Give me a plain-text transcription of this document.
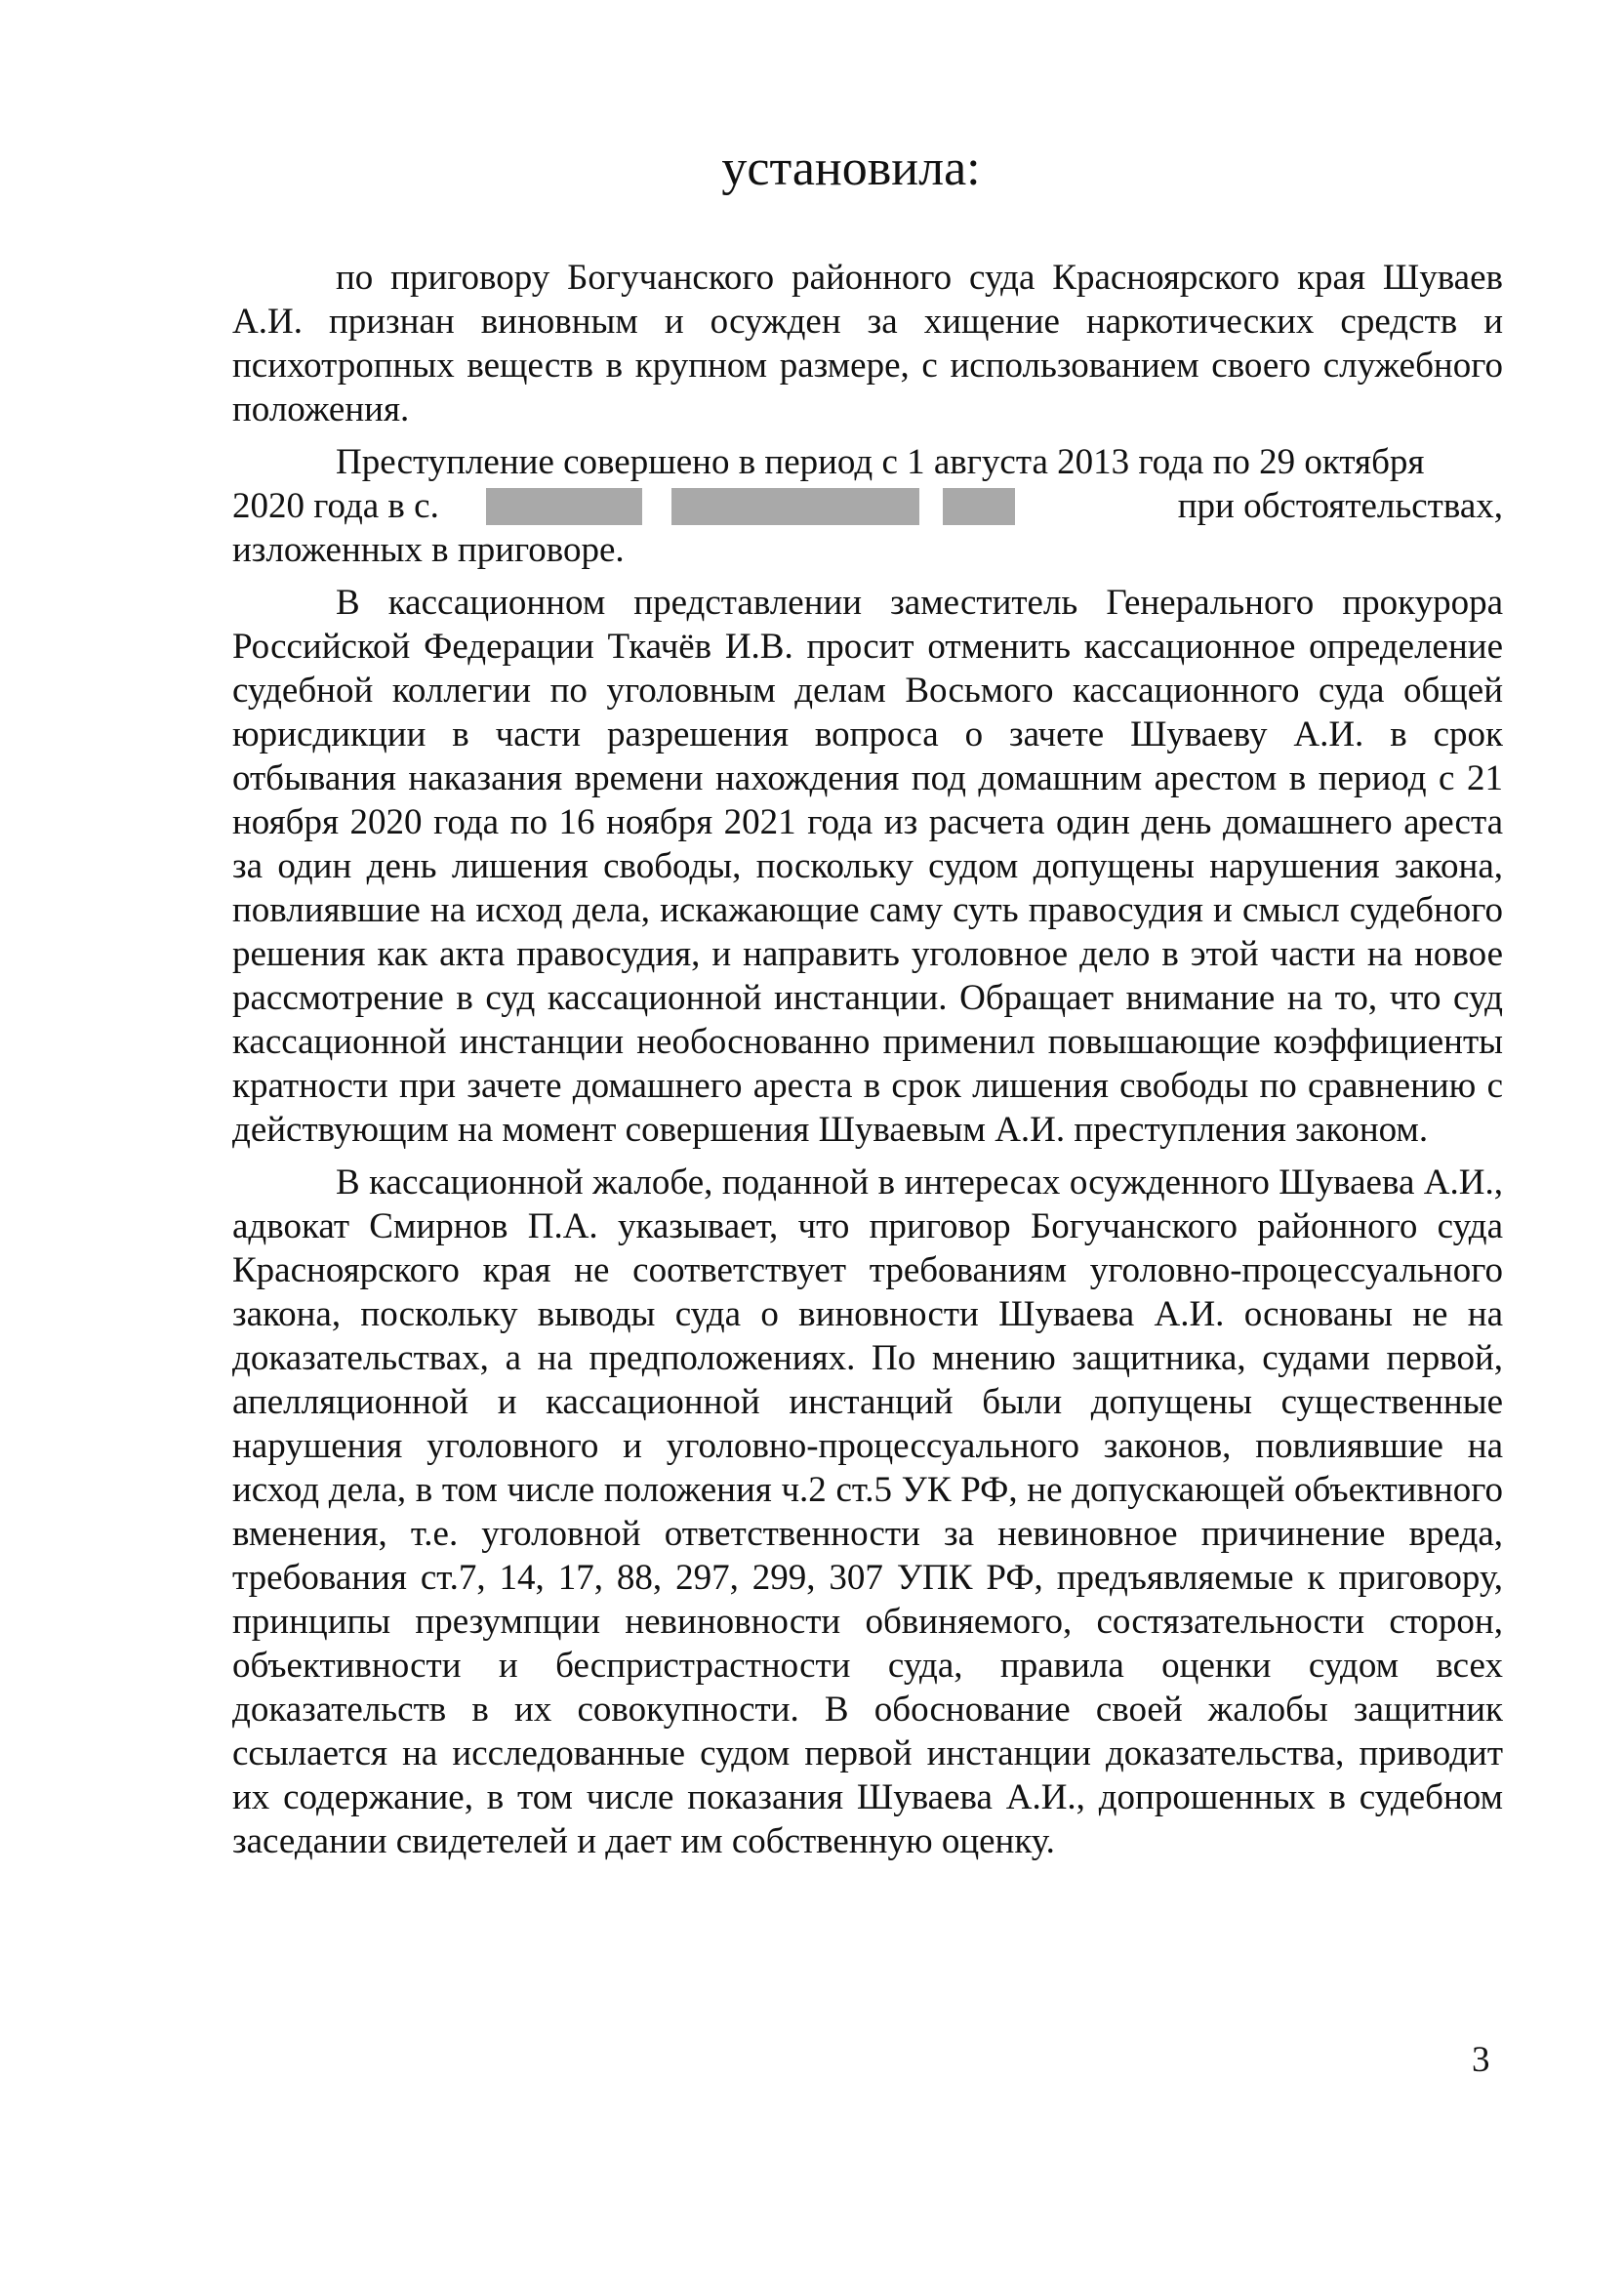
установила:

по приговору Богучанского районного суда Красноярского края Шуваев А.И. признан виновным и осужден за хищение наркотических средств и психотропных веществ в крупном размере, с использованием своего служебного положения.

Преступление совершено в период с 1 августа 2013 года по 29 октября

2020 года в с.	при обстоятельствах,
изложенных в приговоре.

В кассационном представлении заместитель Генерального прокурора Российской Федерации Ткачёв И.В. просит отменить кассационное определение судебной коллегии по уголовным делам Восьмого кассационного суда общей юрисдикции в части разрешения вопроса о зачете Шуваеву А.И. в срок отбывания наказания времени нахождения под домашним арестом в период с 21 ноября 2020 года по 16 ноября 2021 года из расчета один день домашнего ареста за один день лишения свободы, поскольку судом допущены нарушения закона, повлиявшие на исход дела, искажающие саму суть правосудия и смысл судебного решения как акта правосудия, и направить уголовное дело в этой части на новое рассмотрение в суд кассационной инстанции. Обращает внимание на то, что суд кассационной инстанции необоснованно применил повышающие коэффициенты кратности при зачете домашнего ареста в срок лишения свободы по сравнению с действующим на момент совершения Шуваевым А.И. преступления законом.

В кассационной жалобе, поданной в интересах осужденного Шуваева А.И., адвокат Смирнов П.А. указывает, что приговор Богучанского районного суда Красноярского края не соответствует требованиям уголовно-процессуального закона, поскольку выводы суда о виновности Шуваева А.И. основаны не на доказательствах, а на предположениях. По мнению защитника, судами первой, апелляционной и кассационной инстанций были допущены существенные нарушения уголовного и уголовно-процессуального законов, повлиявшие на исход дела, в том числе положения ч.2 ст.5 УК РФ, не допускающей объективного вменения, т.е. уголовной ответственности за невиновное причинение вреда, требования ст.7, 14, 17, 88, 297, 299, 307 УПК РФ, предъявляемые к приговору, принципы презумпции невиновности обвиняемого, состязательности сторон, объективности и беспристрастности суда, правила оценки судом всех доказательств в их совокупности. В обоснование своей жалобы защитник ссылается на исследованные судом первой инстанции доказательства, приводит их содержание, в том числе показания Шуваева А.И., допрошенных в судебном заседании свидетелей и дает им собственную оценку.

3
